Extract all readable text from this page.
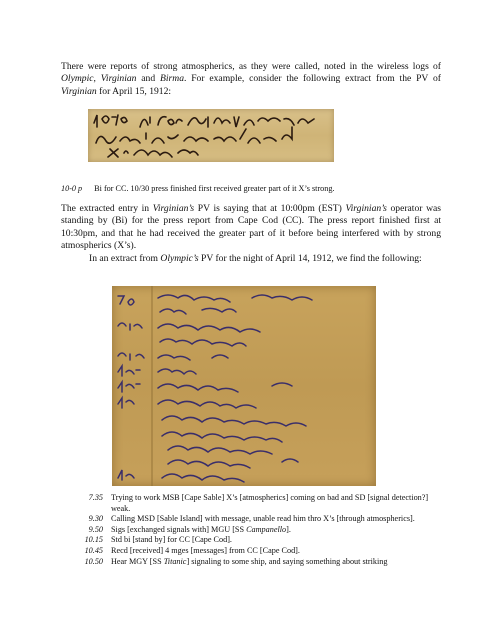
There were reports of strong atmospherics, as they were called, noted in the wireless logs of Olympic, Virginian and Birma. For example, consider the following extract from the PV of Virginian for April 15, 1912:

10-0 p Bi for CC. 10/30 press finished first received greater part of it X’s strong.

The extracted entry in Virginian’s PV is saying that at 10:00pm (EST) Virginian’s operator was standing by (Bi) for the press report from Cape Cod (CC). The press report finished first at 10:30pm, and that he had received the greater part of it before being interfered with by strong atmospherics (X’s).

In an extract from Olympic’s PV for the night of April 14, 1912, we find the following:

7.35 Trying to work MSB [Cape Sable] X’s [atmospherics] coming on bad and SD [signal detection?] weak.
9.30 Calling MSD [Sable Island] with message, unable read him thro X’s [through atmospherics].
9.50 Sigs [exchanged signals with] MGU [SS Campanello].
10.15 Std bi [stand by] for CC [Cape Cod].
10.45 Recd [received] 4 mges [messages] from CC [Cape Cod].
10.50 Hear MGY [SS Titanic] signaling to some ship, and saying something about striking
